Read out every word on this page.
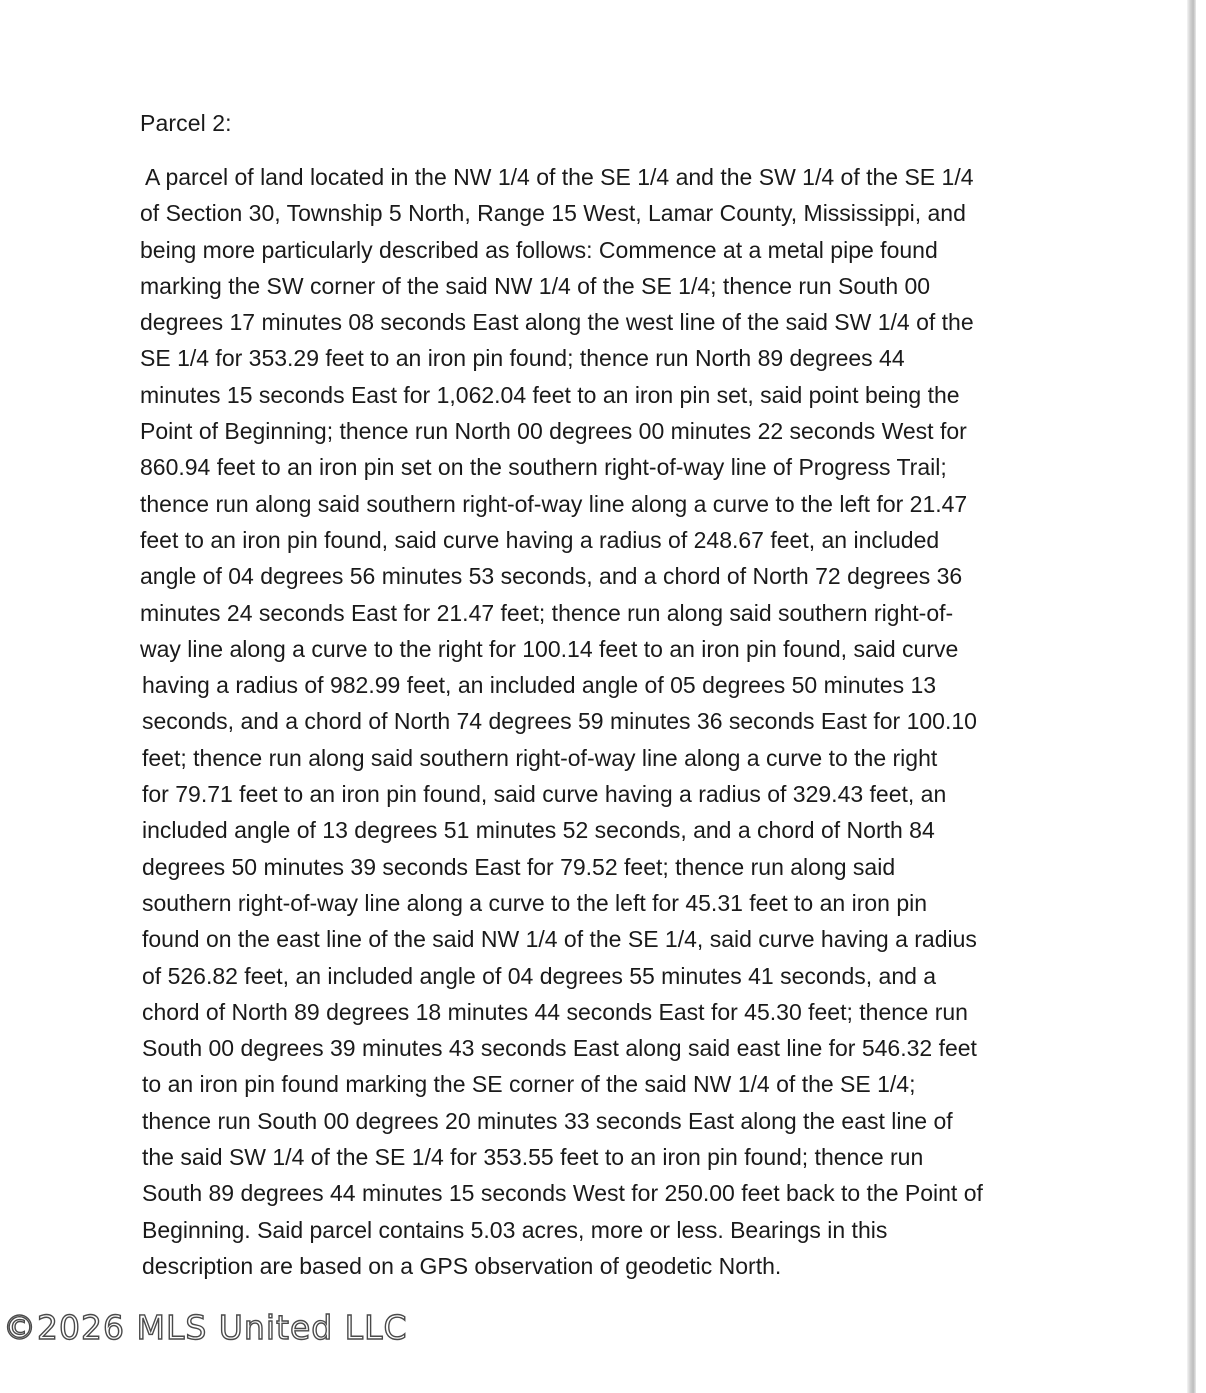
Parcel 2:
A parcel of land located in the NW 1/4 of the SE 1/4 and the SW 1/4 of the SE 1/4
of Section 30, Township 5 North, Range 15 West, Lamar County, Mississippi, and
being more particularly described as follows: Commence at a metal pipe found
marking the SW corner of the said NW 1/4 of the SE 1/4; thence run South 00
degrees 17 minutes 08 seconds East along the west line of the said SW 1/4 of the
SE 1/4 for 353.29 feet to an iron pin found; thence run North 89 degrees 44
minutes 15 seconds East for 1,062.04 feet to an iron pin set, said point being the
Point of Beginning; thence run North 00 degrees 00 minutes 22 seconds West for
860.94 feet to an iron pin set on the southern right-of-way line of Progress Trail;
thence run along said southern right-of-way line along a curve to the left for 21.47
feet to an iron pin found, said curve having a radius of 248.67 feet, an included
angle of 04 degrees 56 minutes 53 seconds, and a chord of North 72 degrees 36
minutes 24 seconds East for 21.47 feet; thence run along said southern right-of-
way line along a curve to the right for 100.14 feet to an iron pin found, said curve
having a radius of 982.99 feet, an included angle of 05 degrees 50 minutes 13
seconds, and a chord of North 74 degrees 59 minutes 36 seconds East for 100.10
feet; thence run along said southern right-of-way line along a curve to the right
for 79.71 feet to an iron pin found, said curve having a radius of 329.43 feet, an
included angle of 13 degrees 51 minutes 52 seconds, and a chord of North 84
degrees 50 minutes 39 seconds East for 79.52 feet; thence run along said
southern right-of-way line along a curve to the left for 45.31 feet to an iron pin
found on the east line of the said NW 1/4 of the SE 1/4, said curve having a radius
of 526.82 feet, an included angle of 04 degrees 55 minutes 41 seconds, and a
chord of North 89 degrees 18 minutes 44 seconds East for 45.30 feet; thence run
South 00 degrees 39 minutes 43 seconds East along said east line for 546.32 feet
to an iron pin found marking the SE corner of the said NW 1/4 of the SE 1/4;
thence run South 00 degrees 20 minutes 33 seconds East along the east line of
the said SW 1/4 of the SE 1/4 for 353.55 feet to an iron pin found; thence run
South 89 degrees 44 minutes 15 seconds West for 250.00 feet back to the Point of
Beginning. Said parcel contains 5.03 acres, more or less. Bearings in this
description are based on a GPS observation of geodetic North.
©2026 MLS United LLC
